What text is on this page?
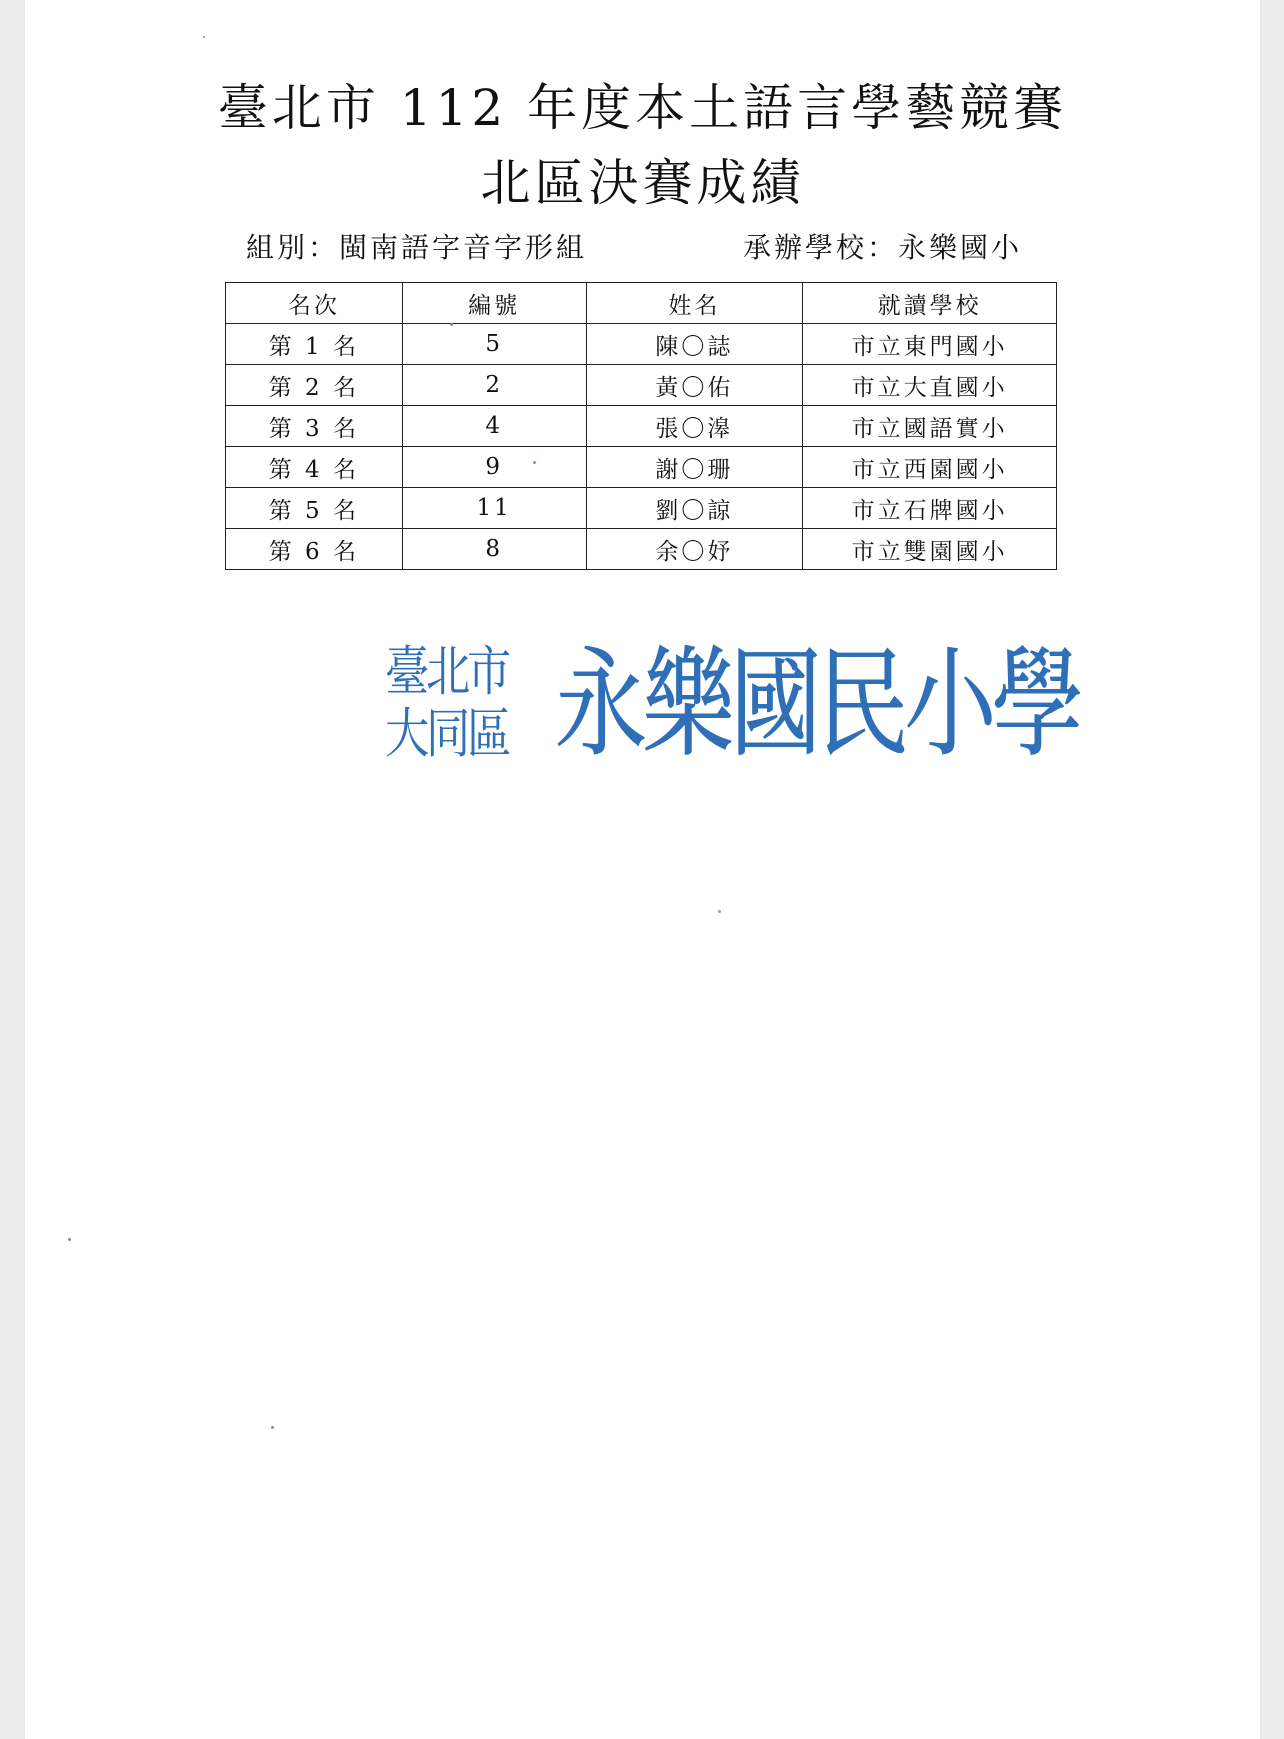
臺北市 112 年度本土語言學藝競賽
北區決賽成績
組別：閩南語字音字形組	承辦學校：永樂國小
名次	編號	姓名	就讀學校
第 1 名	5	陳〇誌	市立東門國小
第 2 名	2	黃〇佑	市立大直國小
第 3 名	4	張〇滜	市立國語實小
第 4 名	9	謝〇珊	市立西園國小
第 5 名	11	劉〇諒	市立石牌國小
第 6 名	8	余〇妤	市立雙園國小
臺北市
大同區 永樂國民小學
